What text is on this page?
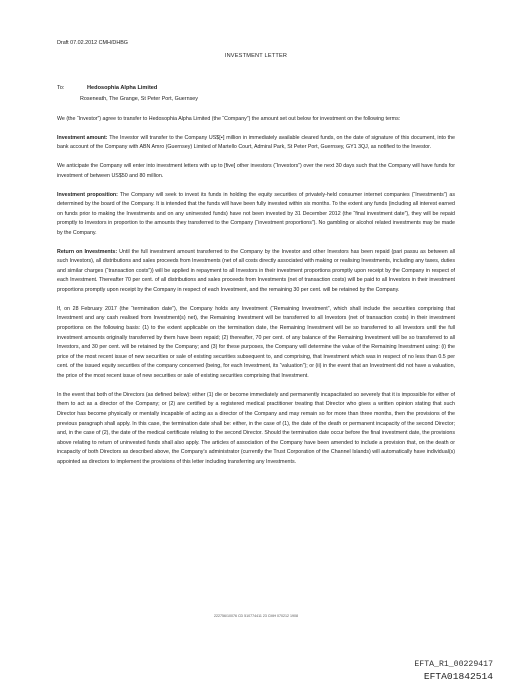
Draft 07.02.2012 CMH/DHBG
INVESTMENT LETTER
To:	Hedosophia Alpha Limited
Roseneath, The Grange, St Peter Port, Guernsey

We (the “Investor”) agree to transfer to Hedosophia Alpha Limited (the “Company”) the amount set out below for investment on the following terms:

Investment amount: The Investor will transfer to the Company US$[▪] million in immediately available cleared funds, on the date of signature of this document, into the bank account of the Company with ABN Amro (Guernsey) Limited of Martello Court, Admiral Park, St Peter Port, Guernsey, GY1 3QJ, as notified to the Investor.

We anticipate the Company will enter into investment letters with up to [five] other investors (“Investors”) over the next 30 days such that the Company will have funds for investment of between US$50 and 80 million.

Investment proposition: The Company will seek to invest its funds in holding the equity securities of privately-held consumer internet companies (“Investments”) as determined by the board of the Company. It is intended that the funds will have been fully invested within six months. To the extent any funds (including all interest earned on funds prior to making the Investments and on any uninvested funds) have not been invested by 31 December 2012 (the “final investment date”), they will be repaid promptly to Investors in proportion to the amounts they transferred to the Company (“investment proportions”). No gambling or alcohol related investments may be made by the Company.

Return on Investments: Until the full investment amount transferred to the Company by the Investor and other Investors has been repaid (pari passu as between all such Investors), all distributions and sales proceeds from Investments (net of all costs directly associated with making or realising Investments, including any taxes, duties and similar charges (“transaction costs”)) will be applied in repayment to all Investors in their investment proportions promptly upon receipt by the Company in respect of each Investment. Thereafter 70 per cent. of all distributions and sales proceeds from Investments (net of transaction costs) will be paid to all Investors in their investment proportions promptly upon receipt by the Company in respect of each Investment, and the remaining 30 per cent. will be retained by the Company.

If, on 28 February 2017 (the “termination date”), the Company holds any Investment (“Remaining Investment”, which shall include the securities comprising that Investment and any cash realised from Investment(s) net), the Remaining Investment will be transferred to all Investors (net of transaction costs) in their investment proportions on the following basis: (1) to the extent applicable on the termination date, the Remaining Investment will be so transferred to all Investors until the full investment amounts originally transferred by them have been repaid; (2) thereafter, 70 per cent. of any balance of the Remaining Investment will be so transferred to all Investors, and 30 per cent. will be retained by the Company; and (3) for these purposes, the Company will determine the value of the Remaining Investment using: (i) the price of the most recent issue of new securities or sale of existing securities subsequent to, and comprising, that Investment which was in respect of no less than 0.5 per cent. of the issued equity securities of the company concerned (being, for each Investment, its “valuation”); or (ii) in the event that an Investment did not have a valuation, the price of the most recent issue of new securities or sale of existing securities comprising that Investment.

In the event that both of the Directors (as defined below): either (1) die or become immediately and permanently incapacitated so severely that it is impossible for either of them to act as a director of the Company; or (2) are certified by a registered medical practitioner treating that Director who gives a written opinion stating that such Director has become physically or mentally incapable of acting as a director of the Company and may remain so for more than three months, then the provisions of the previous paragraph shall apply. In this case, the termination date shall be: either, in the case of (1), the date of the death or permanent incapacity of the second Director; and, in the case of (2), the date of the medical certificate relating to the second Director. Should the termination date occur before the final investment date, the provisions above relating to return of uninvested funds shall also apply. The articles of association of the Company have been amended to include a provision that, on the death or incapacity of both Directors as described above, the Company’s administrator (currently the Trust Corporation of the Channel Islands) will automatically have individual(s) appointed as directors to implement the provisions of this letter including transferring any Investments.

222756/10076 CD 510774411 23 CMH 070212 1908
EFTA_R1_00229417
EFTA01842514
